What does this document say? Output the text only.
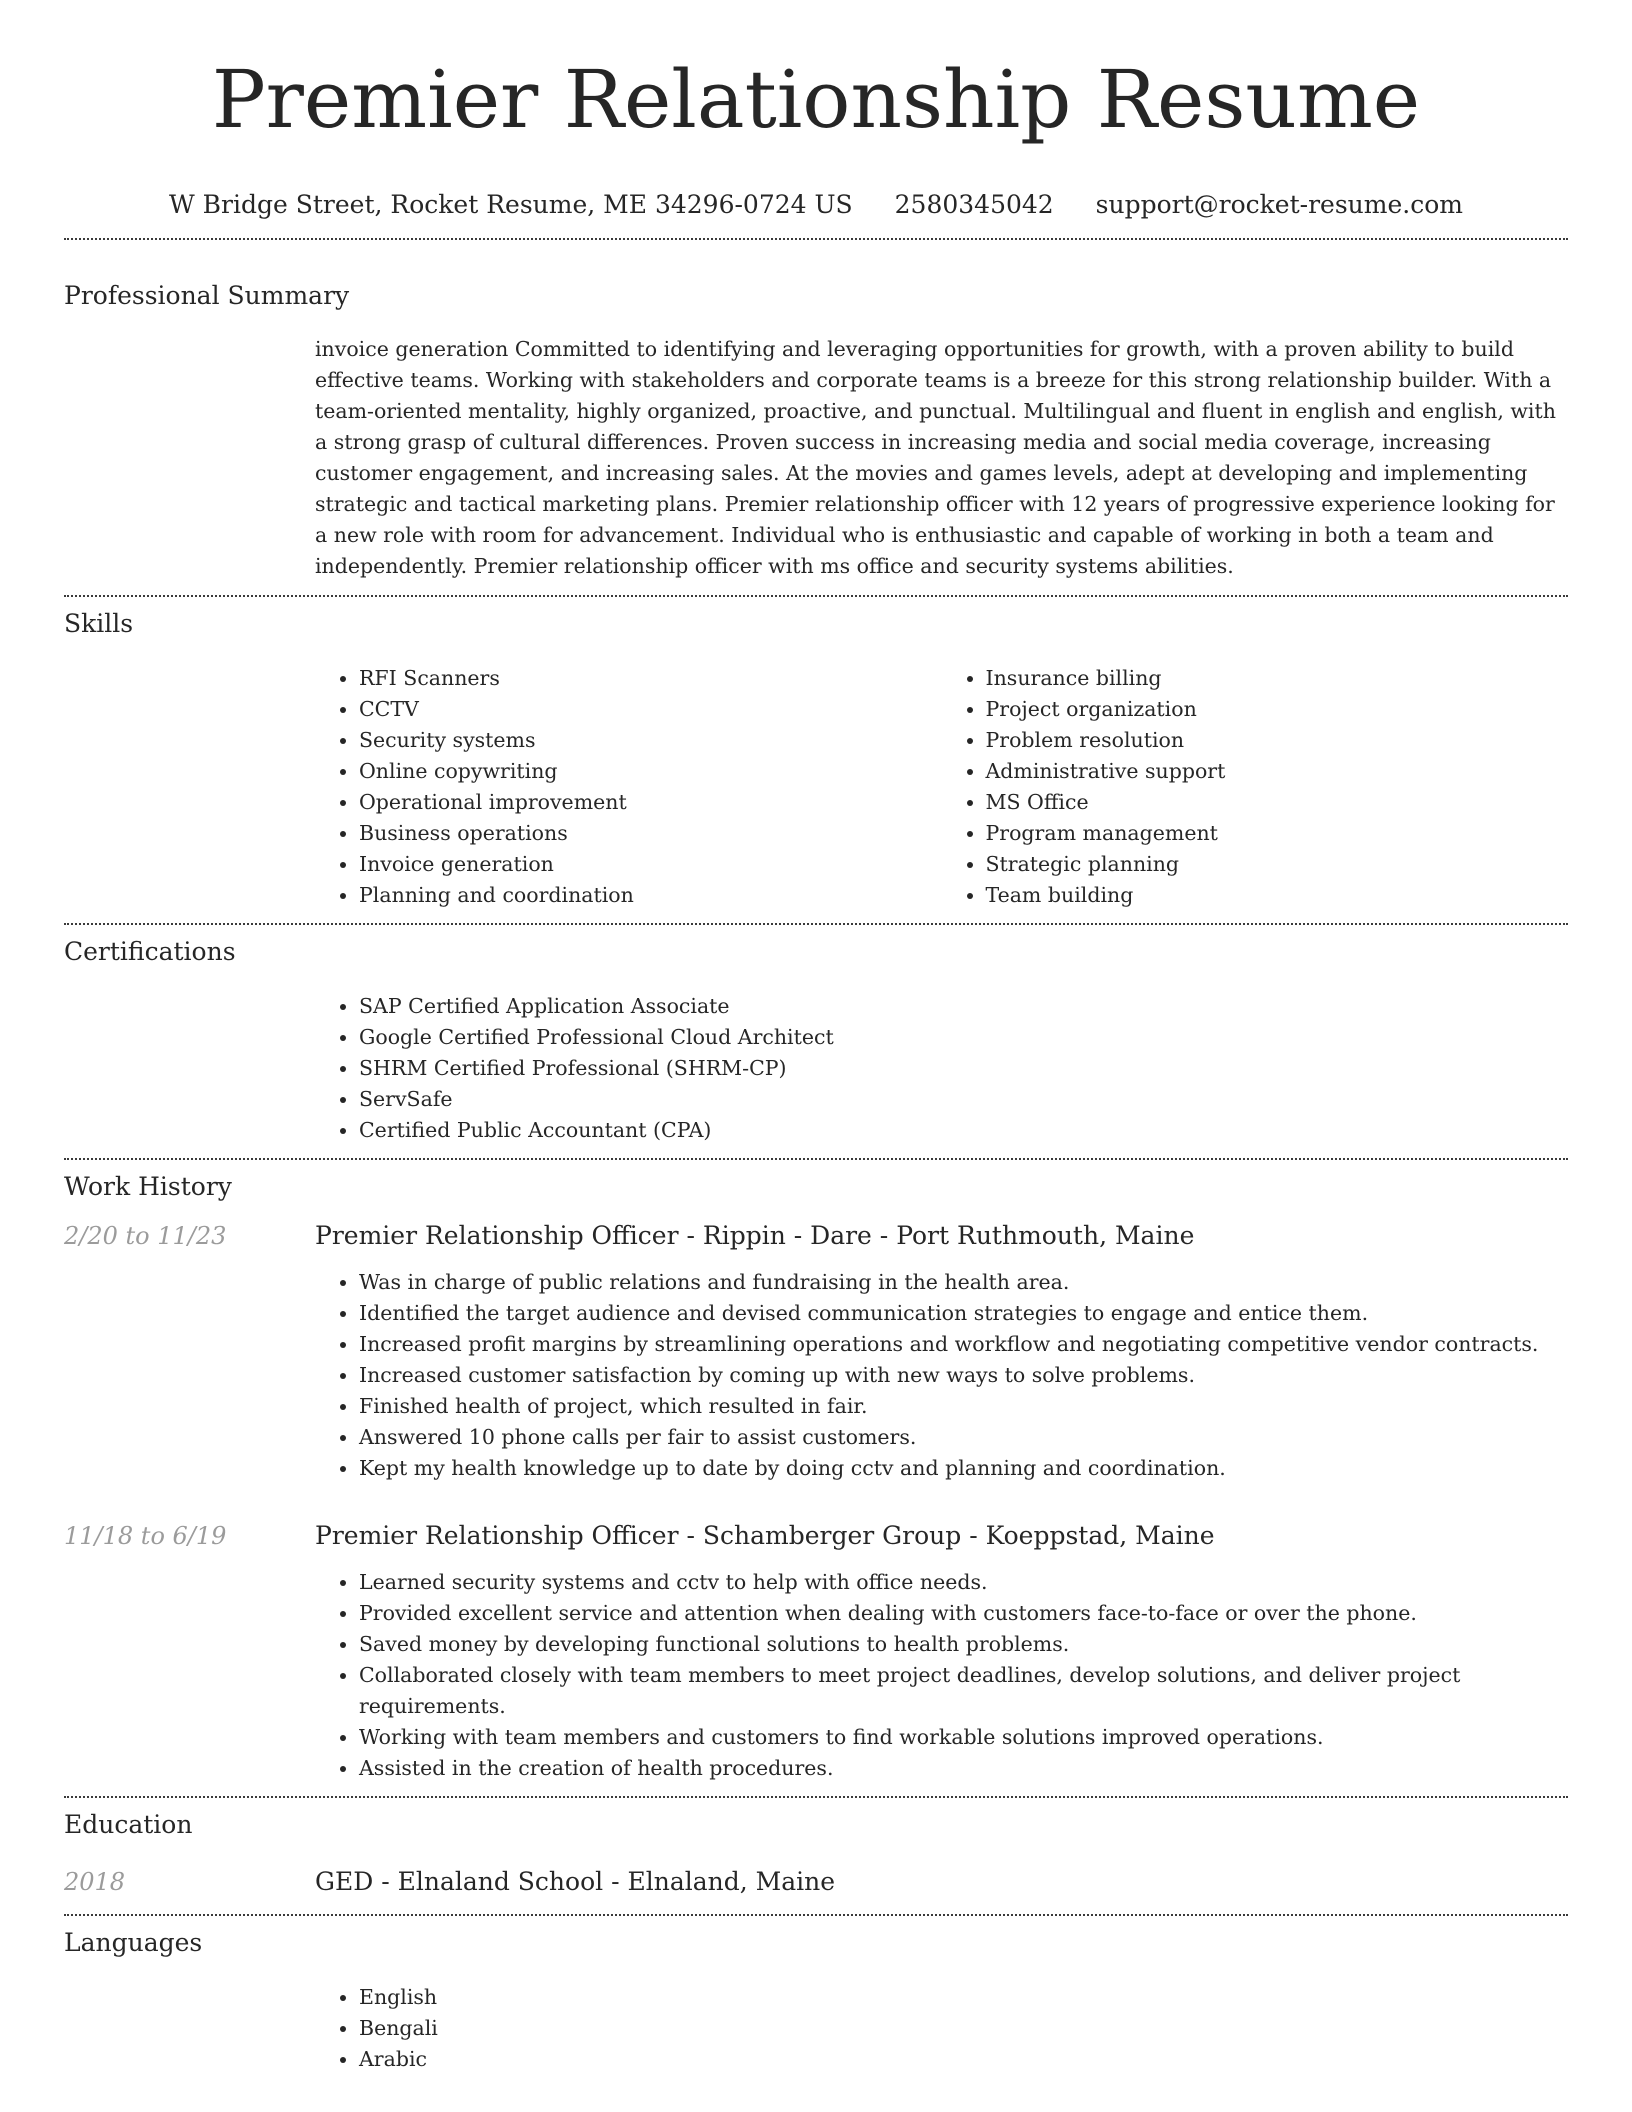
Premier Relationship Resume
W Bridge Street, Rocket Resume, ME 34296-0724 US 2580345042 support@rocket-resume.com
Professional Summary

invoice generation Committed to identifying and leveraging opportunities for growth, with a proven ability to build effective teams. Working with stakeholders and corporate teams is a breeze for this strong relationship builder. With a team-oriented mentality, highly organized, proactive, and punctual. Multilingual and fluent in english and english, with a strong grasp of cultural differences. Proven success in increasing media and social media coverage, increasing customer engagement, and increasing sales. At the movies and games levels, adept at developing and implementing strategic and tactical marketing plans. Premier relationship officer with 12 years of progressive experience looking for a new role with room for advancement. Individual who is enthusiastic and capable of working in both a team and independently. Premier relationship officer with ms office and security systems abilities.

Skills
• RFI Scanners
• CCTV
• Security systems
• Online copywriting
• Operational improvement
• Business operations
• Invoice generation
• Planning and coordination
• Insurance billing
• Project organization
• Problem resolution
• Administrative support
• MS Office
• Program management
• Strategic planning
• Team building
Certifications
• SAP Certified Application Associate
• Google Certified Professional Cloud Architect
• SHRM Certified Professional (SHRM-CP)
• ServSafe
• Certified Public Accountant (CPA)
Work History
2/20 to 11/23	Premier Relationship Officer - Rippin - Dare - Port Ruthmouth, Maine
• Was in charge of public relations and fundraising in the health area.
• Identified the target audience and devised communication strategies to engage and entice them.
• Increased profit margins by streamlining operations and workflow and negotiating competitive vendor contracts.
• Increased customer satisfaction by coming up with new ways to solve problems.
• Finished health of project, which resulted in fair.
• Answered 10 phone calls per fair to assist customers.
• Kept my health knowledge up to date by doing cctv and planning and coordination.
11/18 to 6/19	Premier Relationship Officer - Schamberger Group - Koeppstad, Maine
• Learned security systems and cctv to help with office needs.
• Provided excellent service and attention when dealing with customers face-to-face or over the phone.
• Saved money by developing functional solutions to health problems.
• Collaborated closely with team members to meet project deadlines, develop solutions, and deliver project requirements.
• Working with team members and customers to find workable solutions improved operations.
• Assisted in the creation of health procedures.
Education
2018	GED - Elnaland School - Elnaland, Maine
Languages
• English
• Bengali
• Arabic
